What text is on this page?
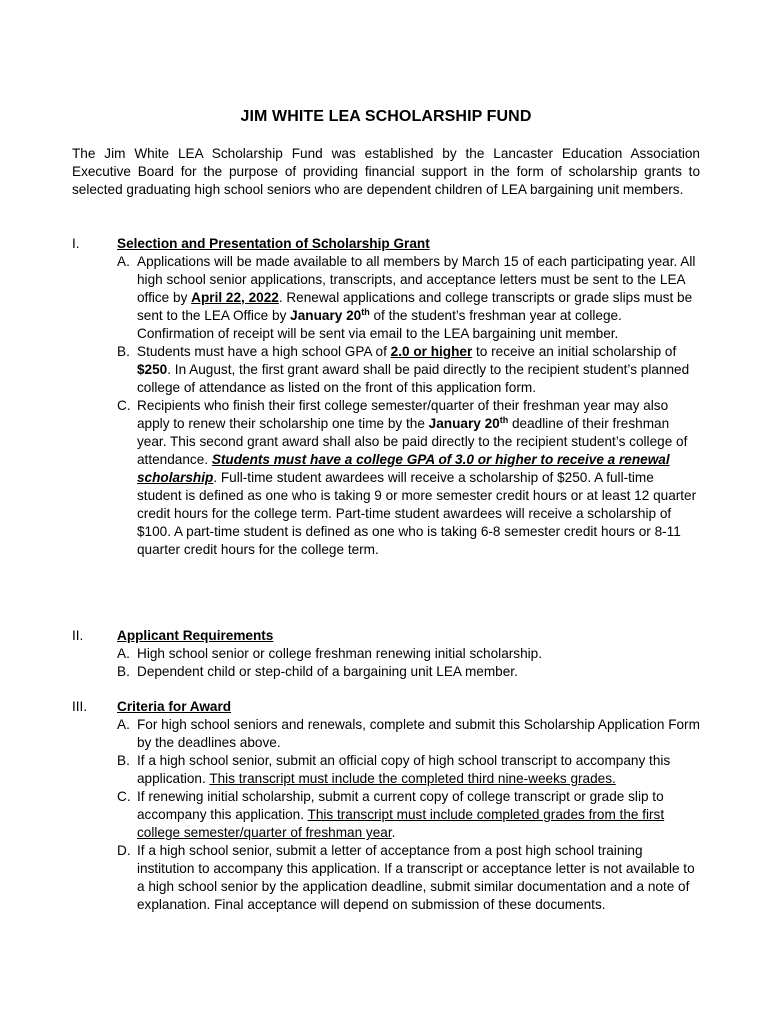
JIM WHITE LEA SCHOLARSHIP FUND

The Jim White LEA Scholarship Fund was established by the Lancaster Education Association Executive Board for the purpose of providing financial support in the form of scholarship grants to selected graduating high school seniors who are dependent children of LEA bargaining unit members.

I.	Selection and Presentation of Scholarship Grant
A. Applications will be made available to all members by March 15 of each participating year. All high school senior applications, transcripts, and acceptance letters must be sent to the LEA office by April 22, 2022. Renewal applications and college transcripts or grade slips must be sent to the LEA Office by January 20th of the student’s freshman year at college. Confirmation of receipt will be sent via email to the LEA bargaining unit member.
B. Students must have a high school GPA of 2.0 or higher to receive an initial scholarship of $250. In August, the first grant award shall be paid directly to the recipient student’s planned college of attendance as listed on the front of this application form.
C. Recipients who finish their first college semester/quarter of their freshman year may also apply to renew their scholarship one time by the January 20th deadline of their freshman year. This second grant award shall also be paid directly to the recipient student’s college of attendance. Students must have a college GPA of 3.0 or higher to receive a renewal scholarship. Full-time student awardees will receive a scholarship of $250. A full-time student is defined as one who is taking 9 or more semester credit hours or at least 12 quarter credit hours for the college term. Part-time student awardees will receive a scholarship of $100. A part-time student is defined as one who is taking 6-8 semester credit hours or 8-11 quarter credit hours for the college term.
II. Applicant Requirements
A. High school senior or college freshman renewing initial scholarship.
B. Dependent child or step-child of a bargaining unit LEA member.
III. Criteria for Award
A. For high school seniors and renewals, complete and submit this Scholarship Application Form by the deadlines above.
B. If a high school senior, submit an official copy of high school transcript to accompany this application. This transcript must include the completed third nine-weeks grades.
C. If renewing initial scholarship, submit a current copy of college transcript or grade slip to accompany this application. This transcript must include completed grades from the first college semester/quarter of freshman year.
D. If a high school senior, submit a letter of acceptance from a post high school training institution to accompany this application. If a transcript or acceptance letter is not available to a high school senior by the application deadline, submit similar documentation and a note of explanation. Final acceptance will depend on submission of these documents.
